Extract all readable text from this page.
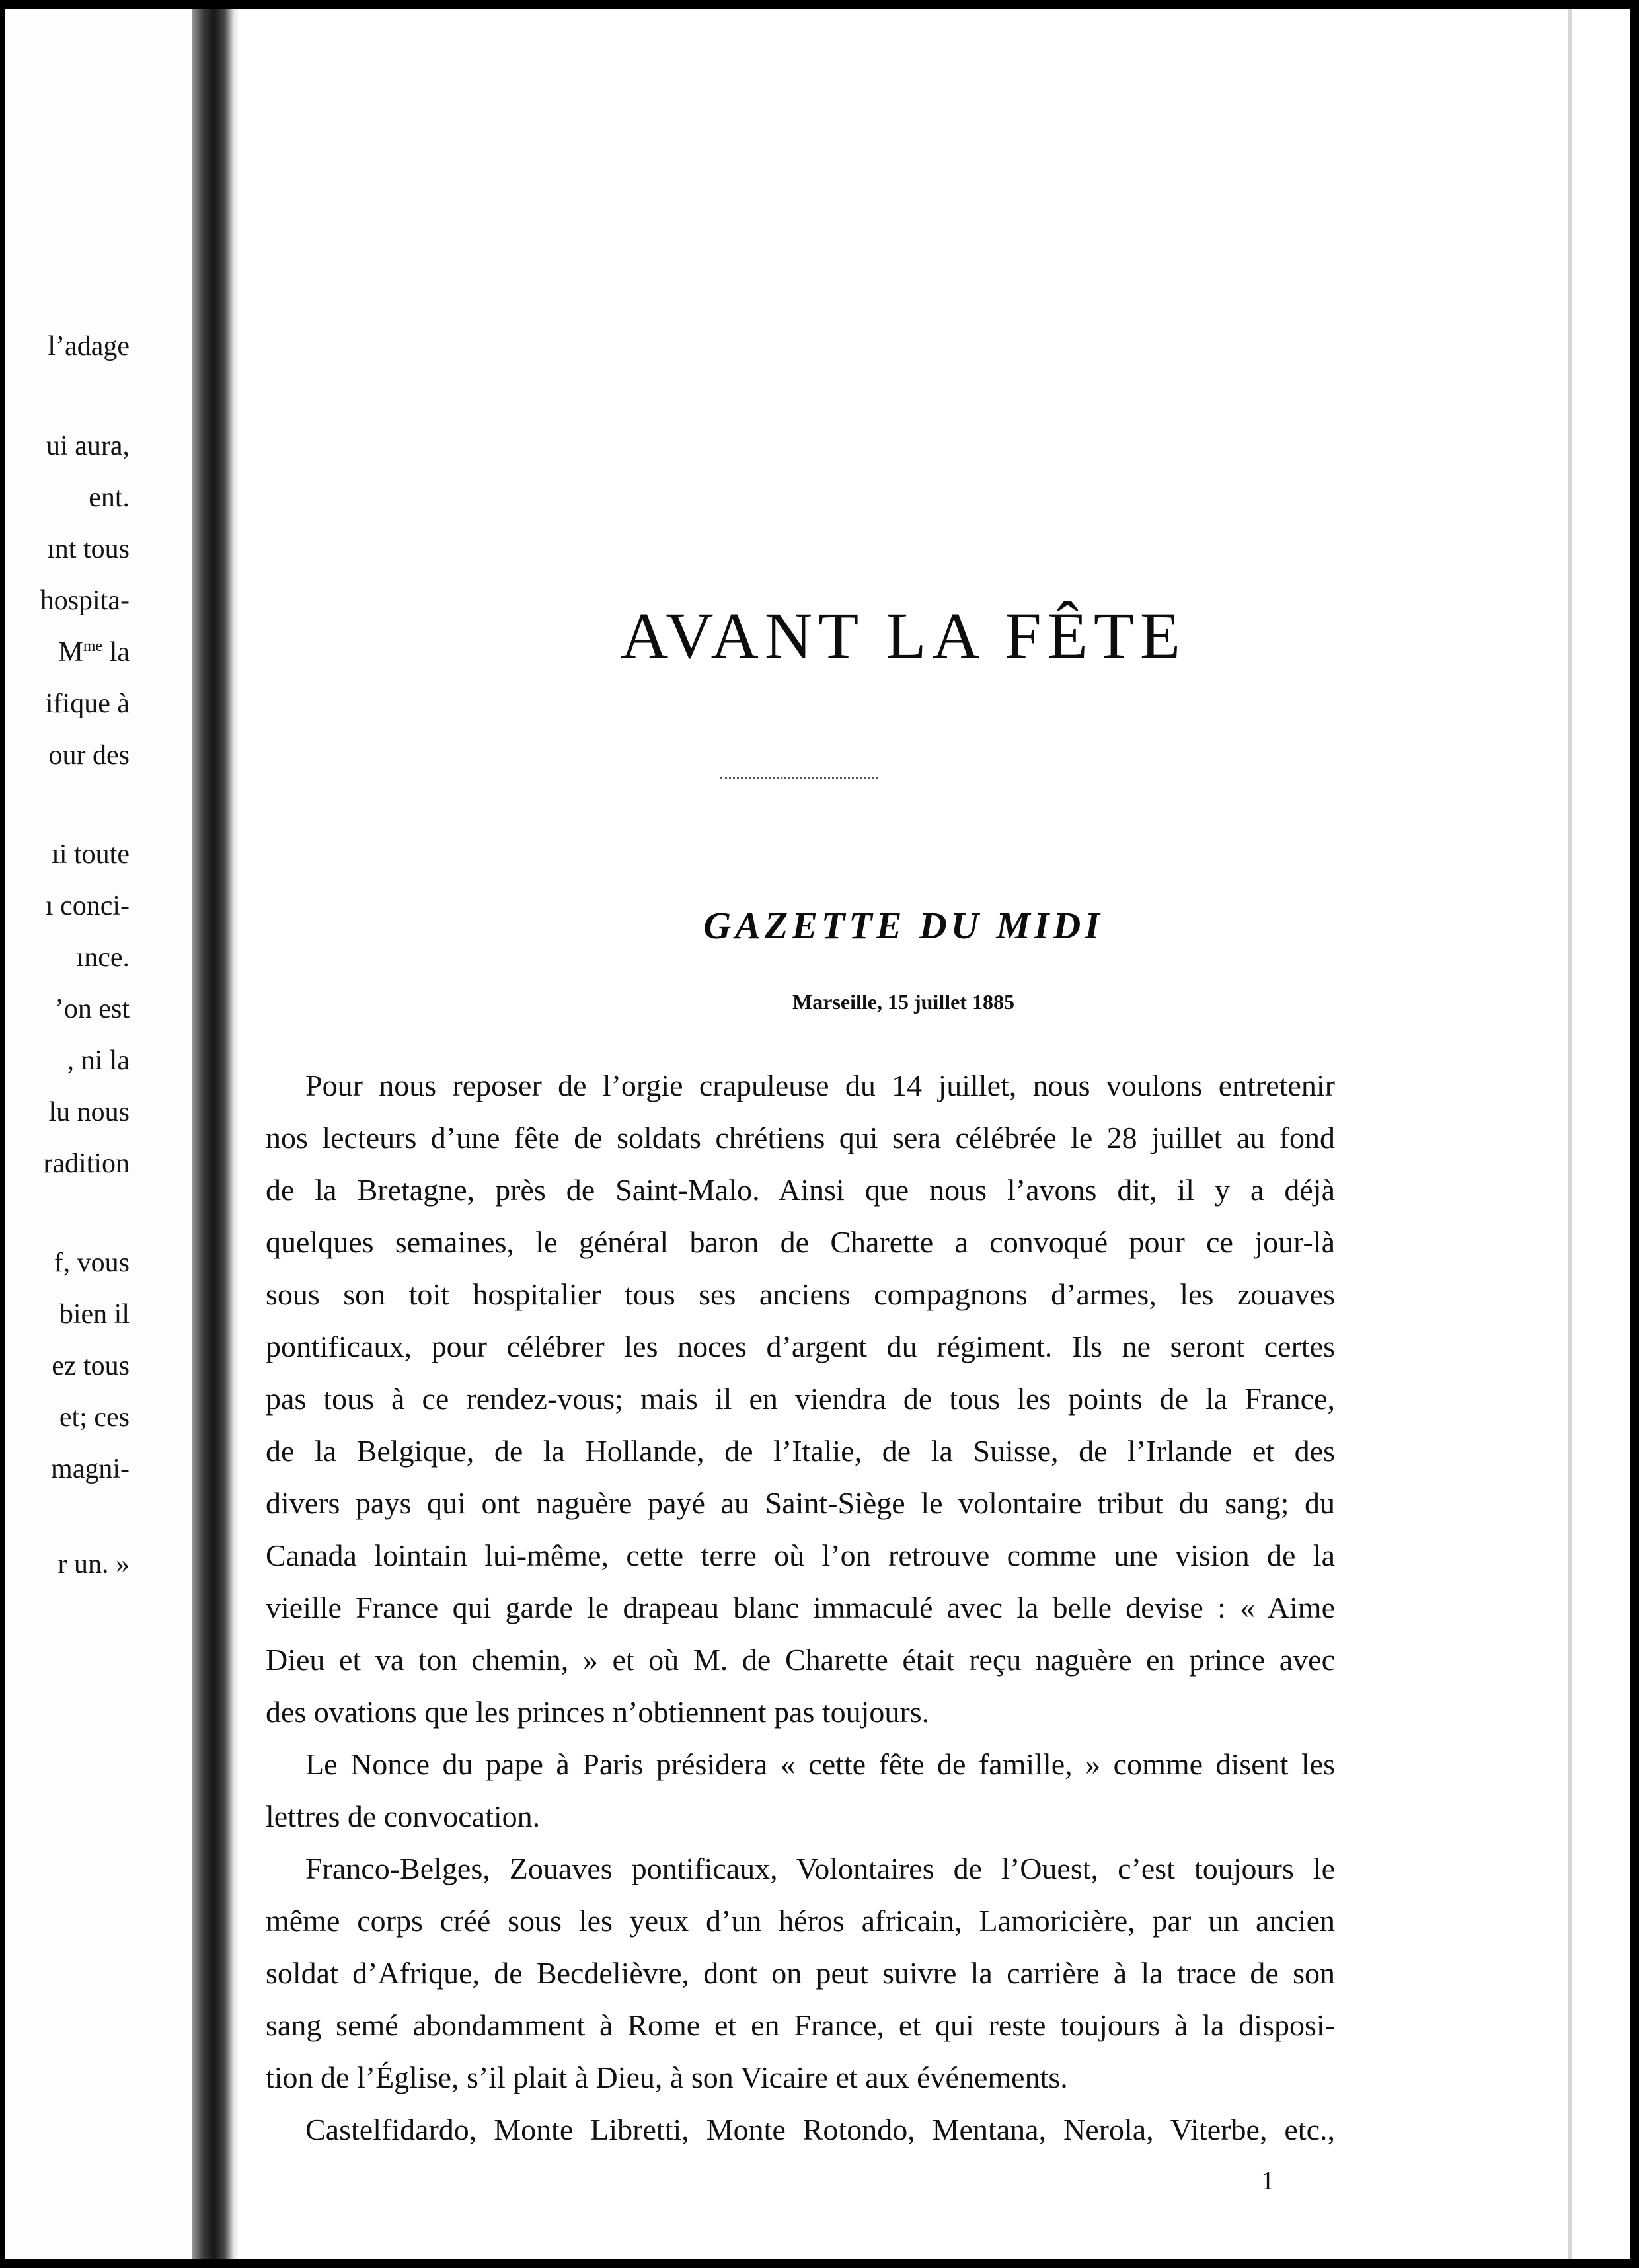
l’adage
ui aura,
ent.
ınt tous
hospita-
$M^{me}$ la
ifique à
our des
ıi toute
ı conci-
ınce.
’on est
, ni la
lu nous
radition
f, vous
bien il
ez tous
et; ces
magni-
r un. »
AVANT LA FÊTE
GAZETTE DU MIDI
Marseille, 15 juillet 1885
Pour nous reposer de l’orgie crapuleuse du 14 juillet, nous voulons entretenir
nos lecteurs d’une fête de soldats chrétiens qui sera célébrée le 28 juillet au fond
de la Bretagne, près de Saint-Malo. Ainsi que nous l’avons dit, il y a déjà
quelques semaines, le général baron de Charette a convoqué pour ce jour-là
sous son toit hospitalier tous ses anciens compagnons d’armes, les zouaves
pontificaux, pour célébrer les noces d’argent du régiment. Ils ne seront certes
pas tous à ce rendez-vous; mais il en viendra de tous les points de la France,
de la Belgique, de la Hollande, de l’Italie, de la Suisse, de l’Irlande et des
divers pays qui ont naguère payé au Saint-Siège le volontaire tribut du sang; du
Canada lointain lui-même, cette terre où l’on retrouve comme une vision de la
vieille France qui garde le drapeau blanc immaculé avec la belle devise : « Aime
Dieu et va ton chemin, » et où M. de Charette était reçu naguère en prince avec
des ovations que les princes n’obtiennent pas toujours.
Le Nonce du pape à Paris présidera « cette fête de famille, » comme disent les
lettres de convocation.
Franco-Belges, Zouaves pontificaux, Volontaires de l’Ouest, c’est toujours le
même corps créé sous les yeux d’un héros africain, Lamoricière, par un ancien
soldat d’Afrique, de Becdelièvre, dont on peut suivre la carrière à la trace de son
sang semé abondamment à Rome et en France, et qui reste toujours à la disposi-
tion de l’Église, s’il plait à Dieu, à son Vicaire et aux événements.
Castelfidardo, Monte Libretti, Monte Rotondo, Mentana, Nerola, Viterbe, etc.,
1
